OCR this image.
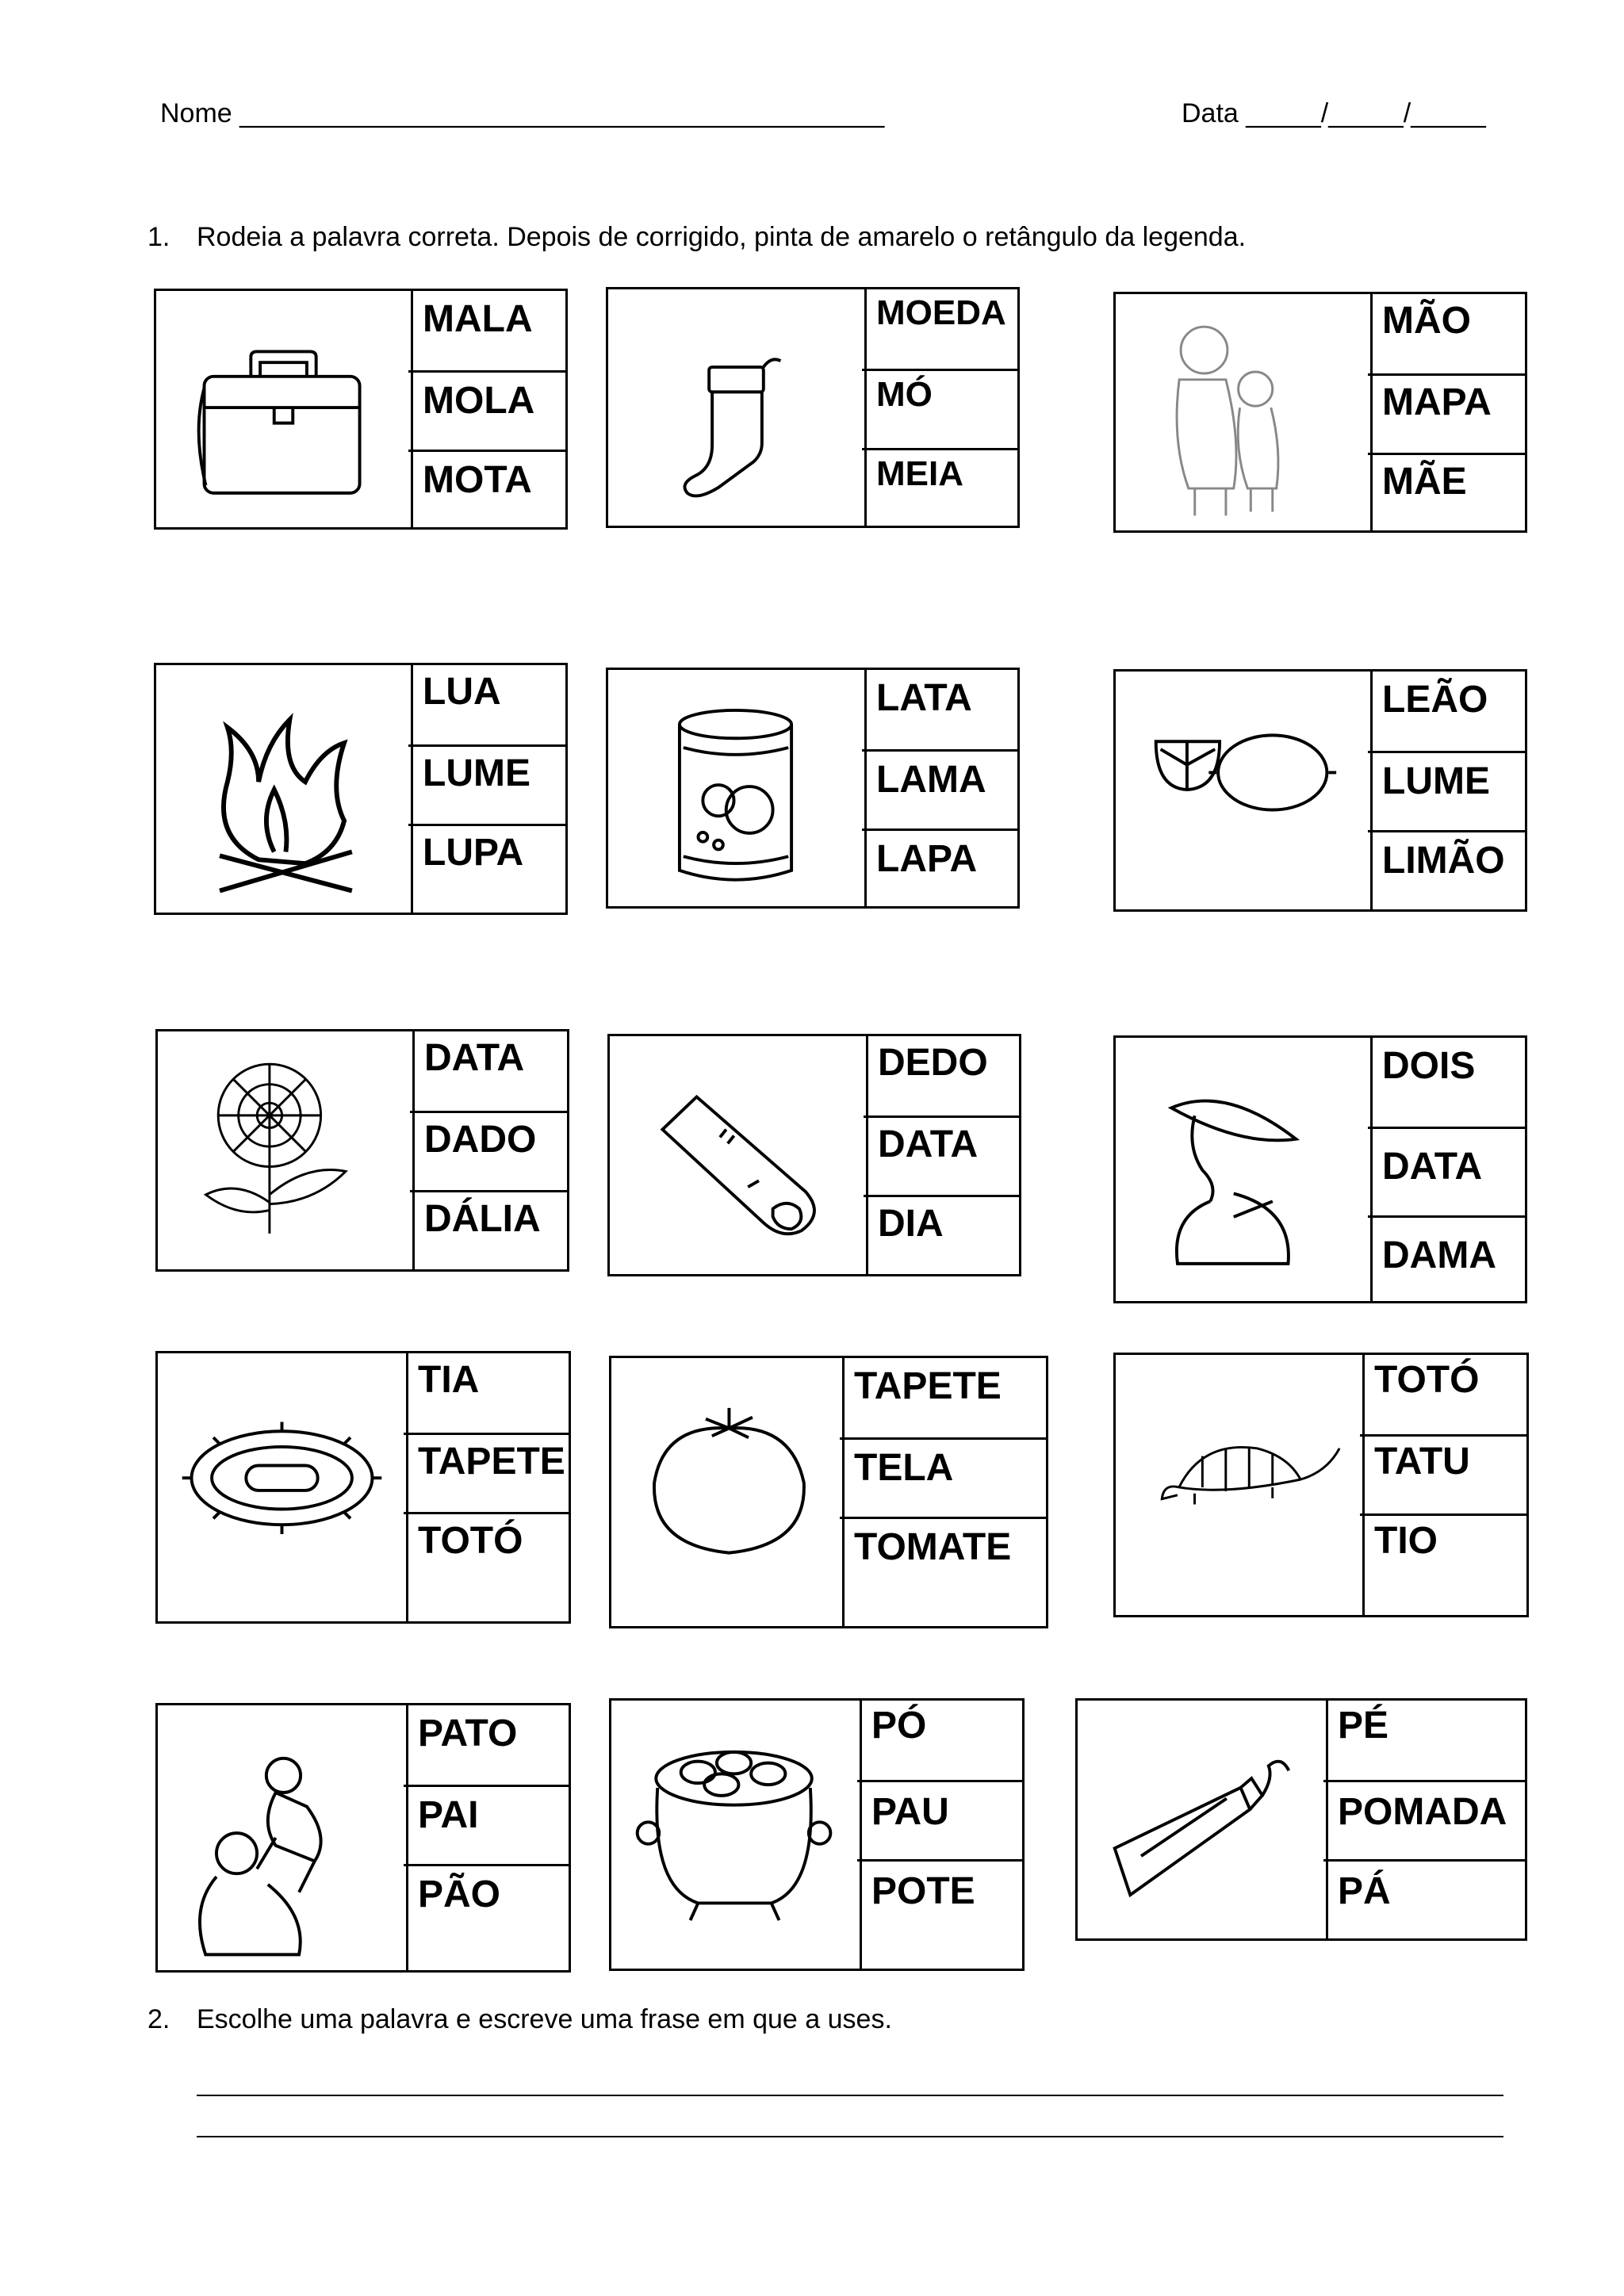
Nome ___________________________________________	Data _____/_____/_____
1. Rodeia a palavra correta. Depois de corrigido, pinta de amarelo o retângulo da legenda.
MALA
MOLA
MOTA
MOEDA
MÓ
MEIA
MÃO
MAPA
MÃE
LUA
LUME
LUPA
LATA
LAMA
LAPA
LEÃO
LUME
LIMÃO
DATA
DADO
DÁLIA
DEDO
DATA
DIA
DOIS
DATA
DAMA
TIA
TAPETE
TOTÓ
TAPETE
TELA
TOMATE
TOTÓ
TATU
TIO
PATO
PAI
PÃO
PÓ
PAU
POTE
PÉ
POMADA
PÁ
2. Escolhe uma palavra e escreve uma frase em que a uses.
